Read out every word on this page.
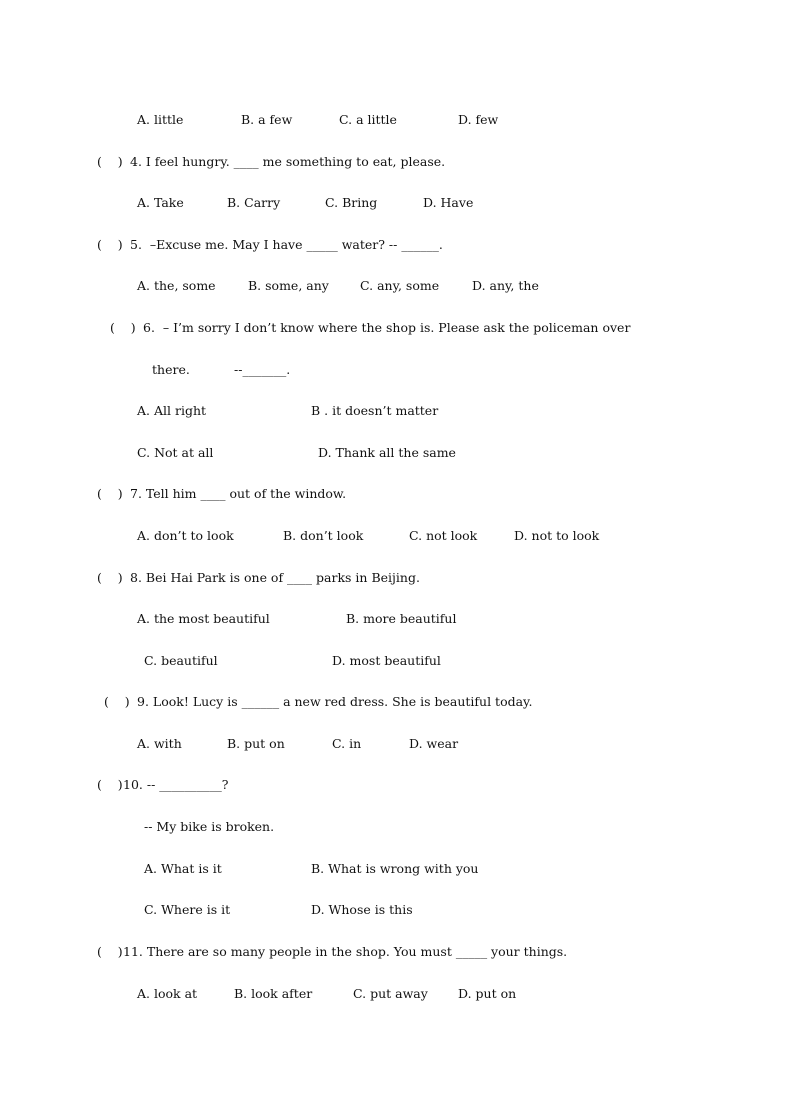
A. little	B. a few	C. a little	D. few
(    ) 4. I feel hungry. ____ me something to eat, please.
A. Take	B. Carry	C. Bring	D. Have
(    ) 5.  –Excuse me. May I have _____ water? -- ______.
A. the, some	B. some, any C. any, some	D. any, the
(    ) 6.  – I’m sorry I don’t know where the shop is. Please ask the policeman over
there.	--_______.
A. All right	B . it doesn’t matter
C. Not at all	D. Thank all the same
(    ) 7. Tell him ____ out of the window.
A. don’t to look	B. don’t look	C. not look	D. not to look
(    ) 8. Bei Hai Park is one of ____ parks in Beijing.
A. the most beautiful	B. more beautiful
C. beautiful	D. most beautiful
(    ) 9. Look! Lucy is ______ a new red dress. She is beautiful today.
A. with	B. put on	C. in	D. wear
(    ) 10. -- __________?
-- My bike is broken.
A. What is it	B. What is wrong with you
C. Where is it	D. Whose is this
(    ) 11. There are so many people in the shop. You must _____ your things.
A. look at	B. look after	C. put away D. put on
